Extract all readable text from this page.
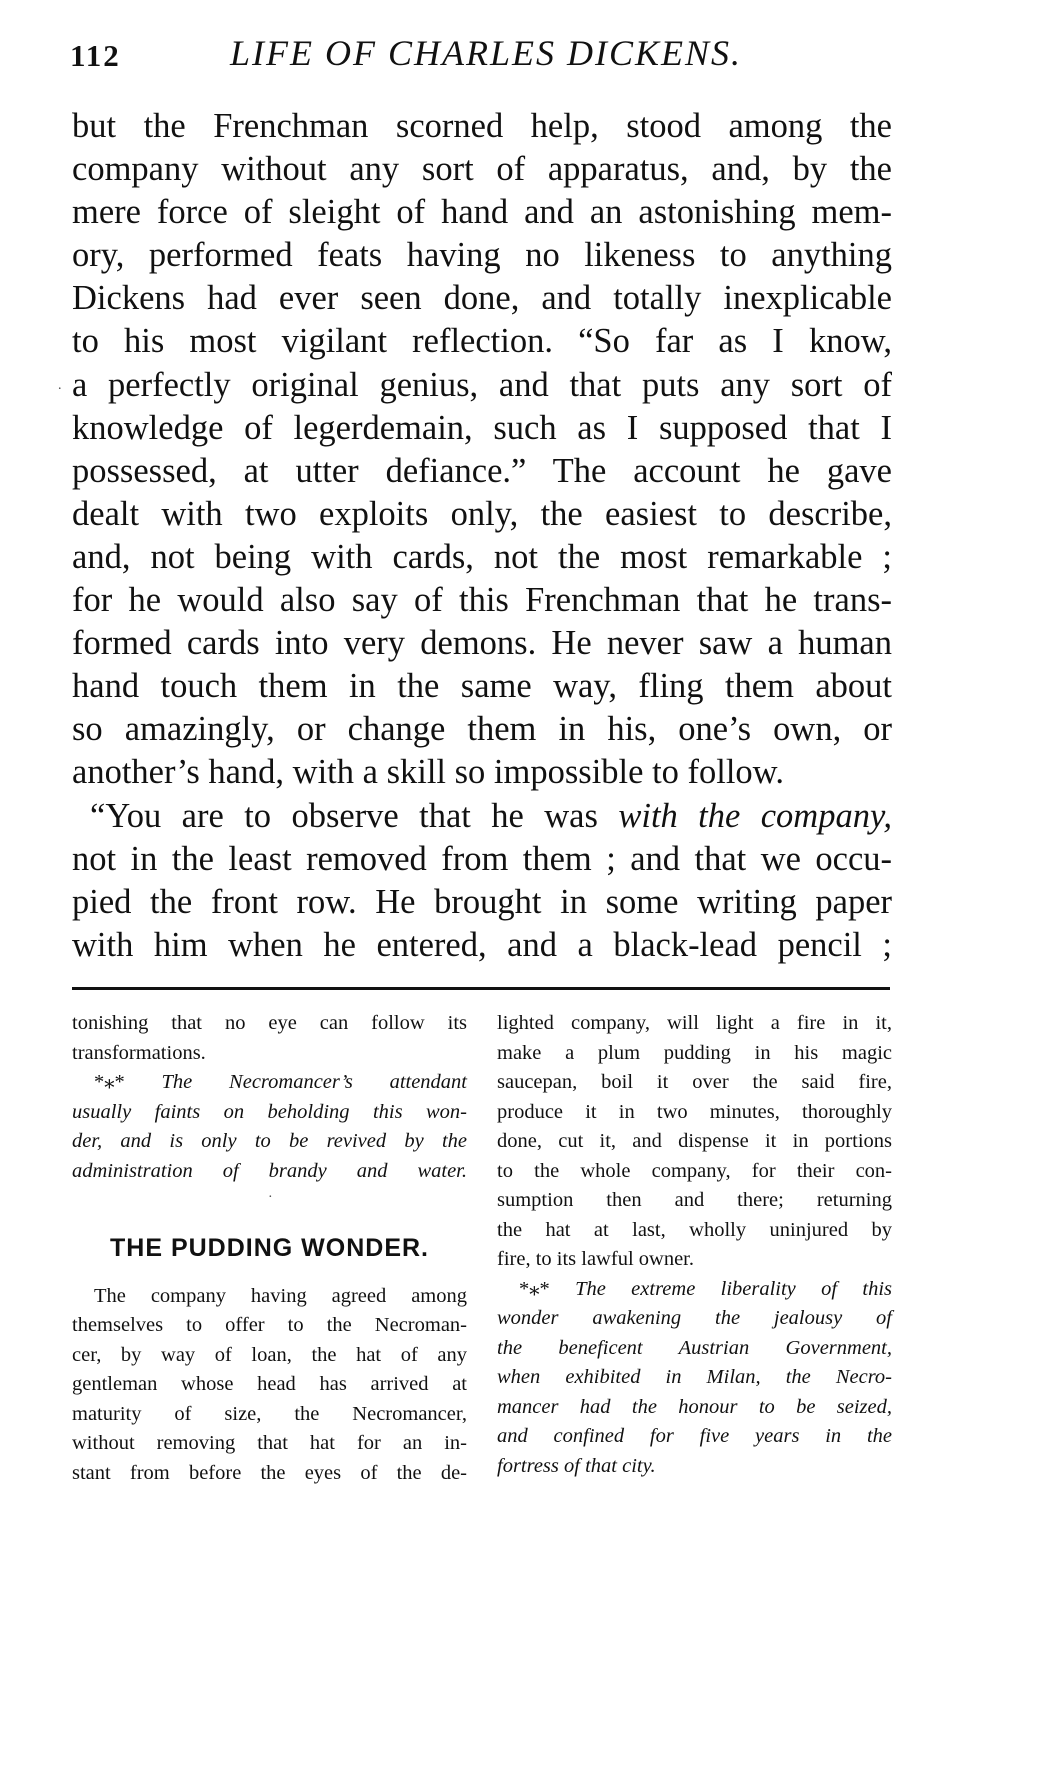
112	LIFE OF CHARLES DICKENS.

but the Frenchman scorned help, stood among the
company without any sort of apparatus, and, by the
mere force of sleight of hand and an astonishing mem-
ory, performed feats having no likeness to anything
Dickens had ever seen done, and totally inexplicable
to his most vigilant reflection. “So far as I know,
a perfectly original genius, and that puts any sort of
knowledge of legerdemain, such as I supposed that I
possessed, at utter defiance.” The account he gave
dealt with two exploits only, the easiest to describe,
and, not being with cards, not the most remarkable ;
for he would also say of this Frenchman that he trans-
formed cards into very demons. He never saw a human
hand touch them in the same way, fling them about
so amazingly, or change them in his, one’s own, or
another’s hand, with a skill so impossible to follow.

“You are to observe that he was with the company,
not in the least removed from them ; and that we occu-
pied the front row. He brought in some writing paper
with him when he entered, and a black-lead pencil ;

tonishing that no eye can follow its
transformations.

*⁎* The Necromancer’s attendant
usually faints on beholding this won-
der, and is only to be revived by the
administration of brandy and water.

THE PUDDING WONDER.

The company having agreed among
themselves to offer to the Necroman-
cer, by way of loan, the hat of any
gentleman whose head has arrived at
maturity of size, the Necromancer,
without removing that hat for an in-
stant from before the eyes of the de-

lighted company, will light a fire in it,
make a plum pudding in his magic
saucepan, boil it over the said fire,
produce it in two minutes, thoroughly
done, cut it, and dispense it in portions
to the whole company, for their con-
sumption then and there; returning
the hat at last, wholly uninjured by
fire, to its lawful owner.

*⁎* The extreme liberality of this
wonder awakening the jealousy of
the beneficent Austrian Government,
when exhibited in Milan, the Necro-
mancer had the honour to be seized,
and confined for five years in the
fortress of that city.

.
·
